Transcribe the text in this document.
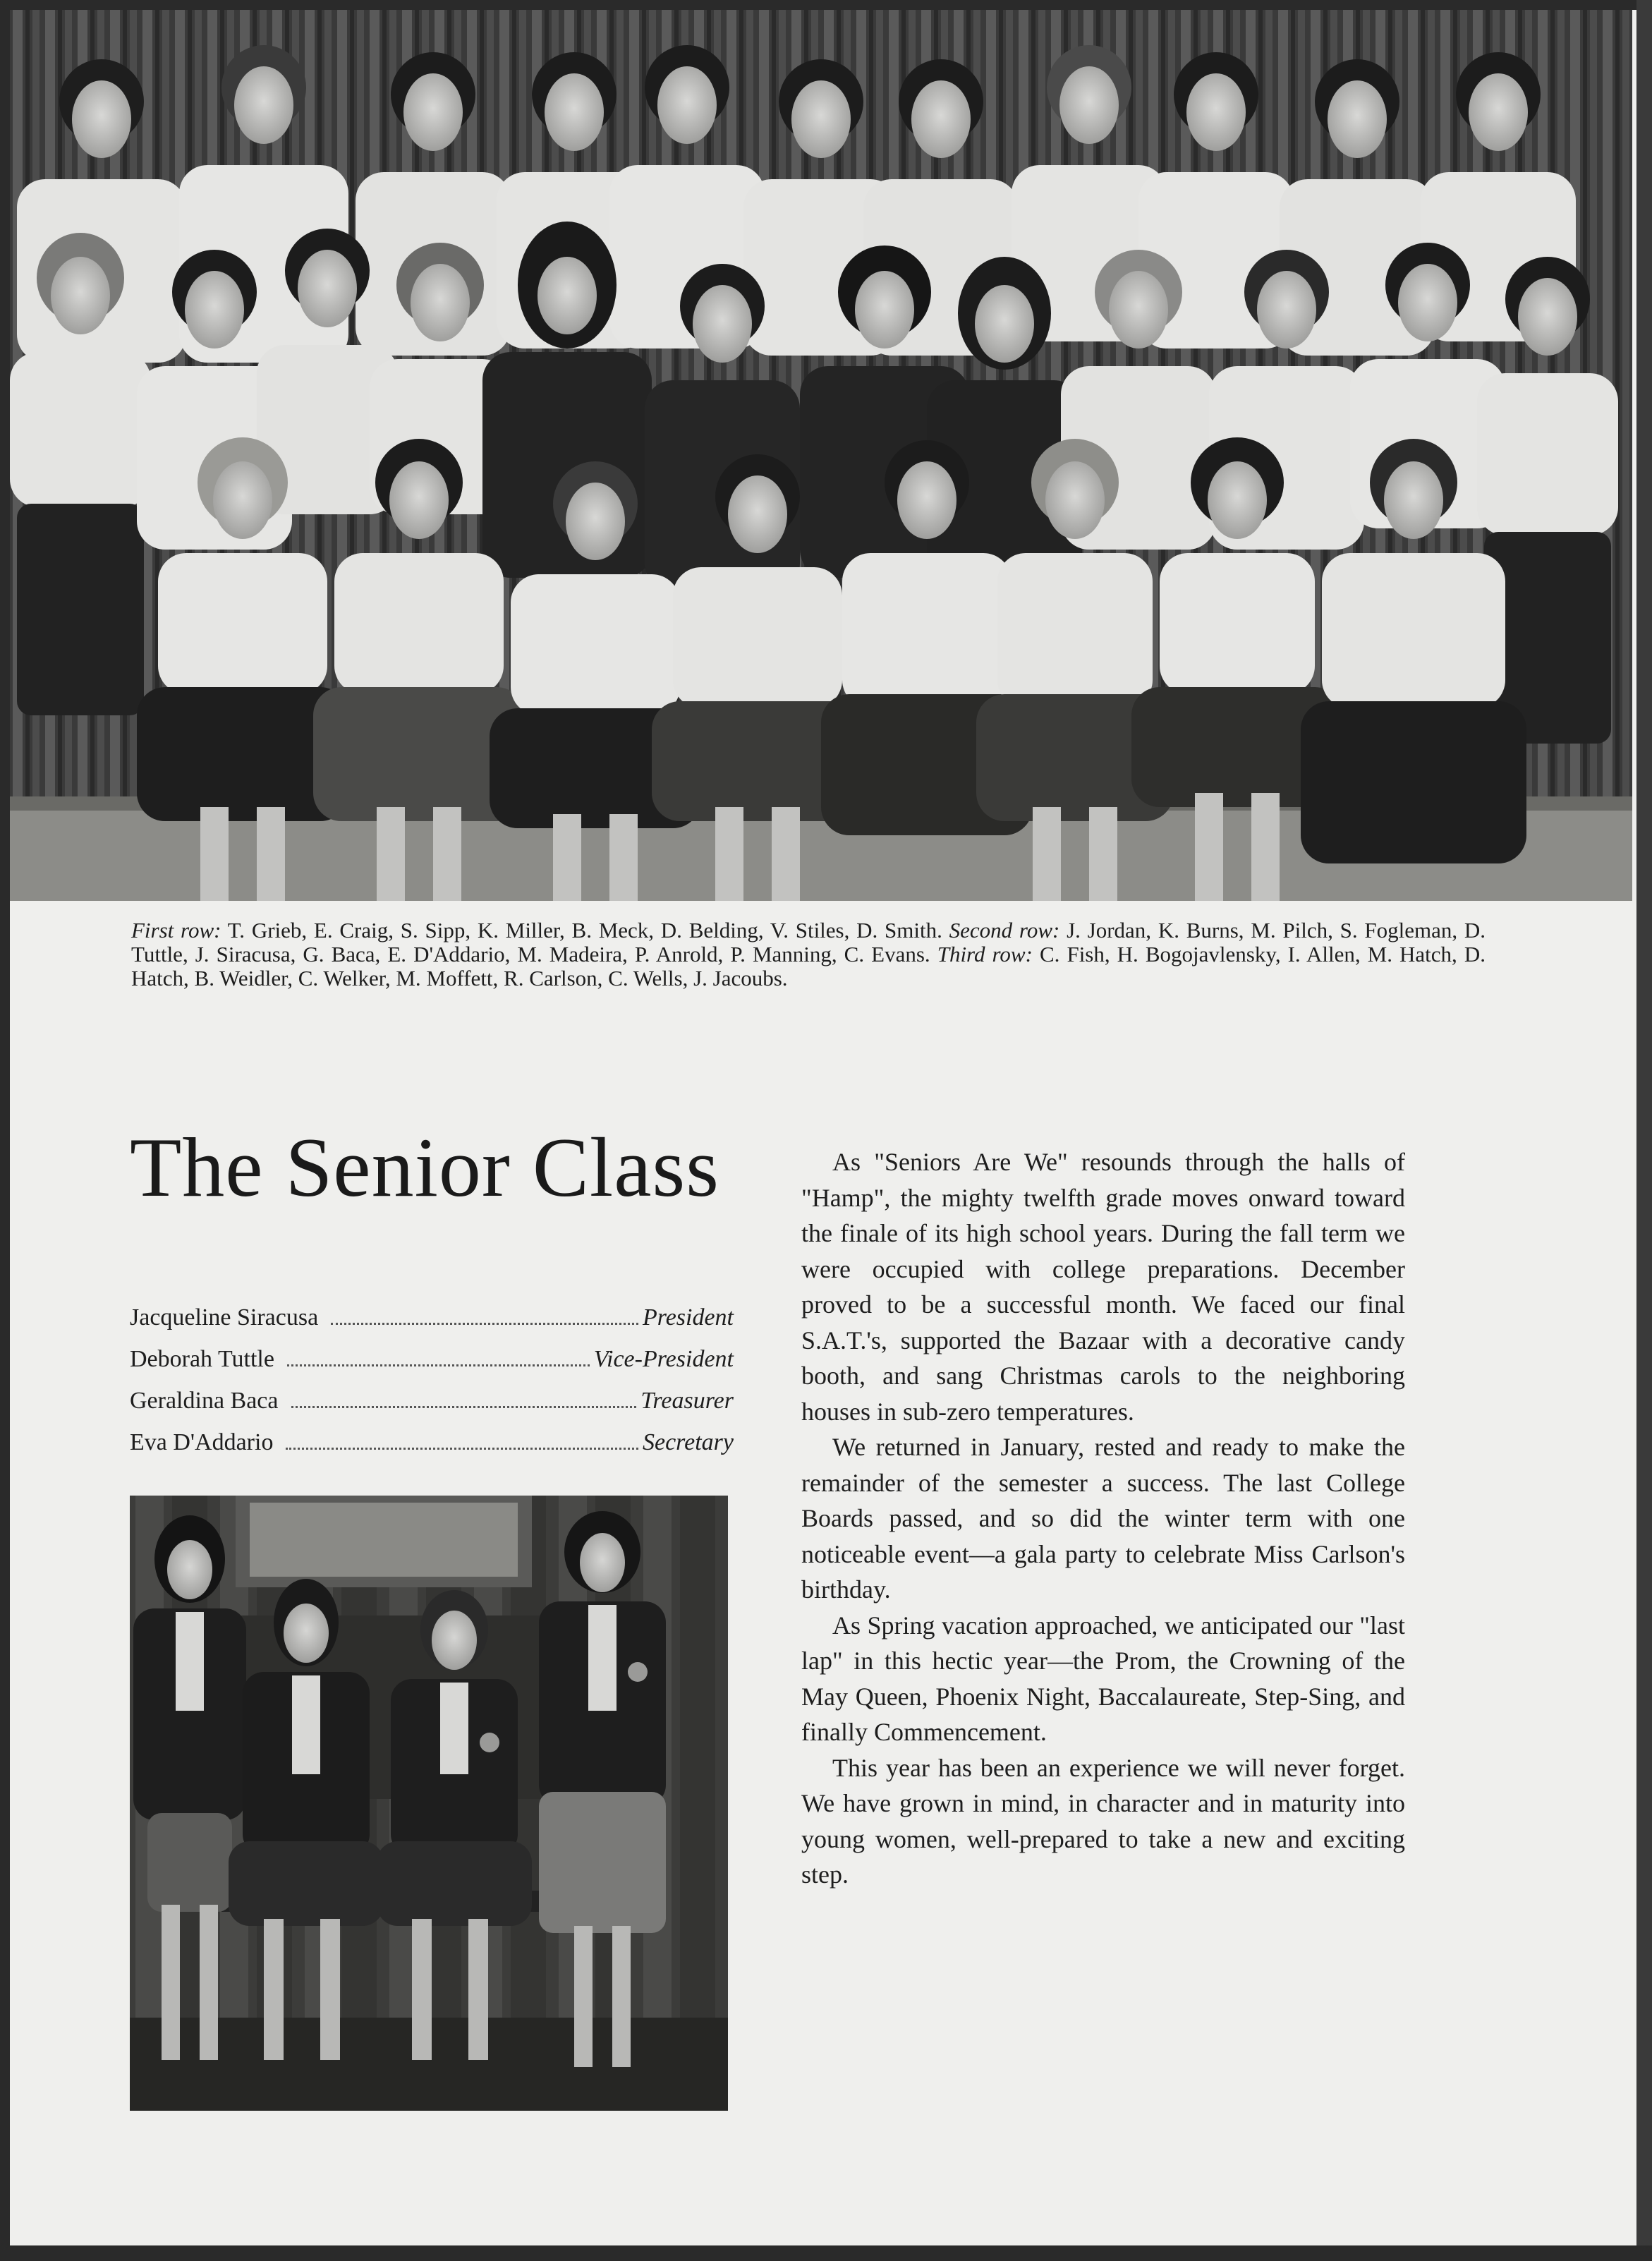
First row: T. Grieb, E. Craig, S. Sipp, K. Miller, B. Meck, D. Belding, V. Stiles, D. Smith. Second row: J. Jordan, K. Burns, M. Pilch, S. Fogleman, D. Tuttle, J. Siracusa, G. Baca, E. D'Addario, M. Madeira, P. Anrold, P. Manning, C. Evans. Third row: C. Fish, H. Bogojavlensky, I. Allen, M. Hatch, D. Hatch, B. Weidler, C. Welker, M. Moffett, R. Carlson, C. Wells, J. Jacoubs.
The Senior Class
Jacqueline Siracusa	President
Deborah Tuttle	Vice-President
Geraldina Baca	Treasurer
Eva D'Addario	Secretary

As "Seniors Are We" resounds through the halls of "Hamp", the mighty twelfth grade moves onward toward the finale of its high school years. During the fall term we were occupied with college preparations. December proved to be a successful month. We faced our final S.A.T.'s, supported the Bazaar with a decorative candy booth, and sang Christmas carols to the neighboring houses in sub-zero temperatures.

We returned in January, rested and ready to make the remainder of the semester a success. The last College Boards passed, and so did the winter term with one noticeable event—a gala party to celebrate Miss Carlson's birthday.

As Spring vacation approached, we anticipated our "last lap" in this hectic year—the Prom, the Crowning of the May Queen, Phoenix Night, Baccalaureate, Step-Sing, and finally Commencement.

This year has been an experience we will never forget. We have grown in mind, in character and in maturity into young women, well-prepared to take a new and exciting step.
